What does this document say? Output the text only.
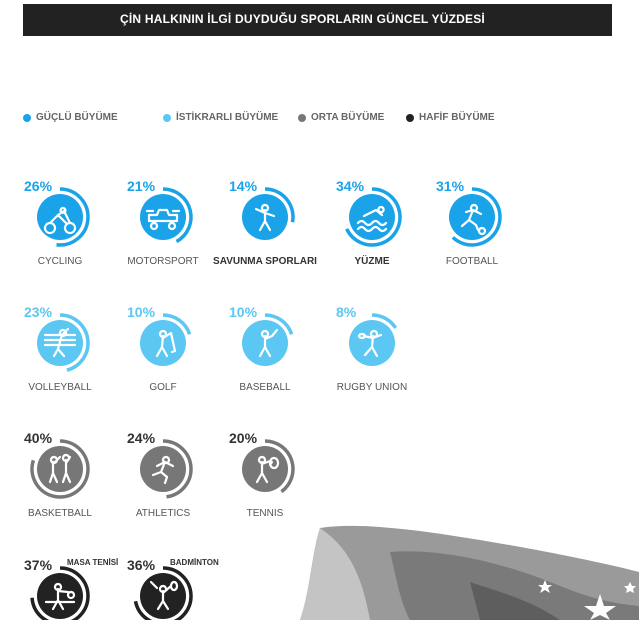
ÇİN HALKININ İLGİ DUYDUĞU SPORLARIN GÜNCEL YÜZDESİ
GÜÇLÜ BÜYÜME	İSTİKRARLI BÜYÜME	ORTA BÜYÜME	HAFİF BÜYÜME
26%
CYCLING
21%
MOTORSPORT
14%
SAVUNMA SPORLARI
34%
YÜZME
31%
FOOTBALL
23%
VOLLEYBALL
10%
GOLF
10%
BASEBALL
8%
RUGBY UNION
40%
BASKETBALL
24%
ATHLETICS
20%
TENNIS
37% MASA TENİSİ 36% BADMİNTON
